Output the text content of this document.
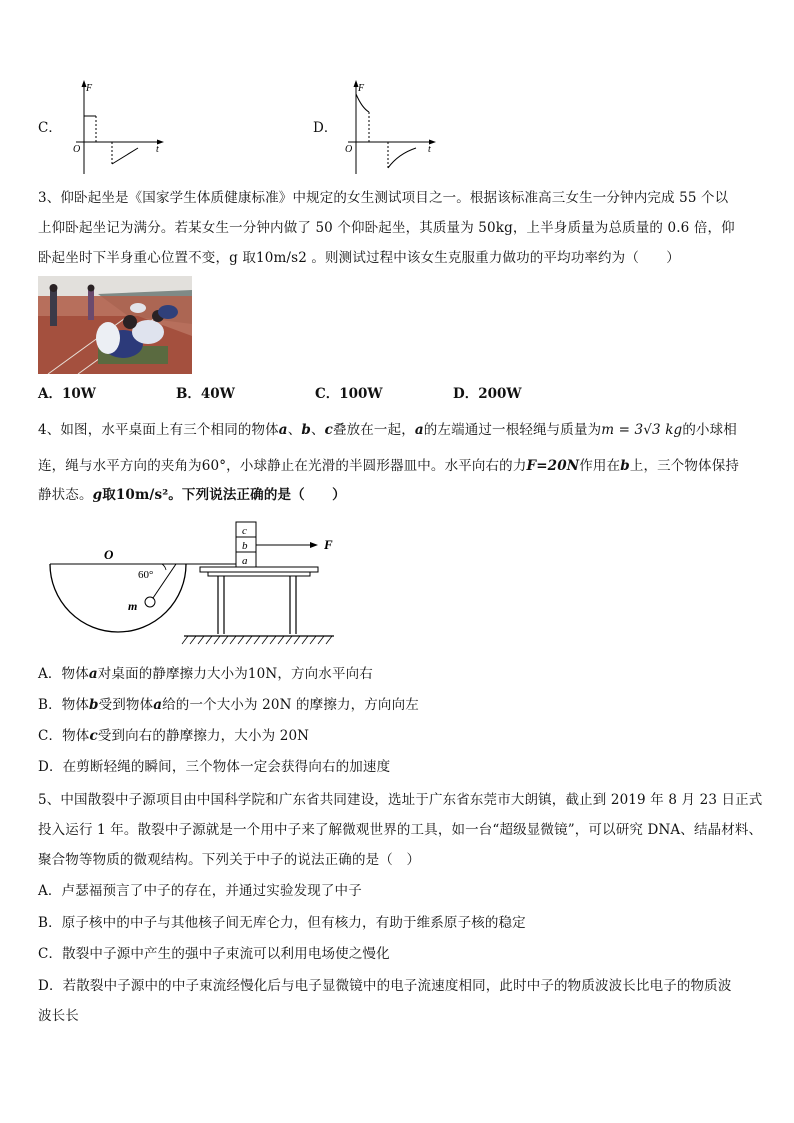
C．
F
t
O
D．
F
t
O
3、仰卧起坐是《国家学生体质健康标准》中规定的女生测试项目之一。根据该标准高三女生一分钟内完成 55 个以
上仰卧起坐记为满分。若某女生一分钟内做了 50 个仰卧起坐，其质量为 50kg，上半身质量为总质量的 0.6 倍，仰
卧起坐时下半身重心位置不变，g 取10m/s2 。则测试过程中该女生克服重力做功的平均功率约为（　　）
A．10W	B．40W	C．100W	D．200W
4、如图，水平桌面上有三个相同的物体a、b、c叠放在一起，a的左端通过一根轻绳与质量为m = 3√3 kg的小球相
连，绳与水平方向的夹角为60°，小球静止在光滑的半圆形器皿中。水平向右的力F=20N作用在b上，三个物体保持
静状态。g取10m/s²。下列说法正确的是（　　）
O
60°
m
a
b
c
F
A．物体a对桌面的静摩擦力大小为10N，方向水平向右
B．物体b受到物体a给的一个大小为 20N 的摩擦力，方向向左
C．物体c受到向右的静摩擦力，大小为 20N
D．在剪断轻绳的瞬间，三个物体一定会获得向右的加速度
5、中国散裂中子源项目由中国科学院和广东省共同建设，选址于广东省东莞市大朗镇，截止到 2019 年 8 月 23 日正式
投入运行 1 年。散裂中子源就是一个用中子来了解微观世界的工具，如一台“超级显微镜”，可以研究 DNA、结晶材料、
聚合物等物质的微观结构。下列关于中子的说法正确的是（　）
A．卢瑟福预言了中子的存在，并通过实验发现了中子
B．原子核中的中子与其他核子间无库仑力，但有核力，有助于维系原子核的稳定
C．散裂中子源中产生的强中子束流可以利用电场使之慢化
D．若散裂中子源中的中子束流经慢化后与电子显微镜中的电子流速度相同，此时中子的物质波波长比电子的物质波
波长长
